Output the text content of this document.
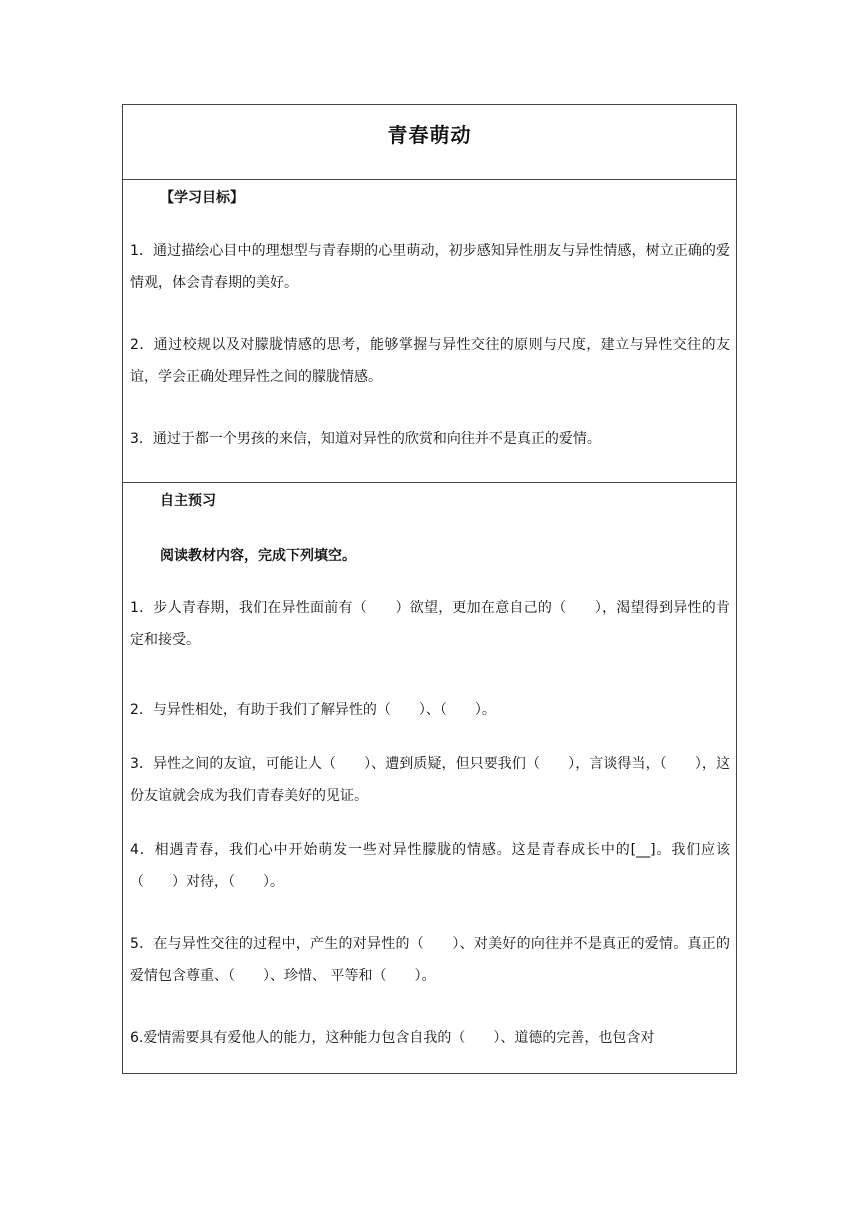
青春萌动
【学习目标】

1．通过描绘心目中的理想型与青春期的心里萌动，初步感知异性朋友与异性情感，树立正确的爱情观，体会青春期的美好。

2．通过校规以及对朦胧情感的思考，能够掌握与异性交往的原则与尺度，建立与异性交往的友谊，学会正确处理异性之间的朦胧情感。

3．通过于都一个男孩的来信，知道对异性的欣赏和向往并不是真正的爱情。

自主预习
阅读教材内容，完成下列填空。

1．步人青春期，我们在异性面前有（　　）欲望，更加在意自己的（　　），渴望得到异性的肯定和接受。

2．与异性相处，有助于我们了解异性的（　　）、（　　）。

3．异性之间的友谊，可能让人（　　）、遭到质疑，但只要我们（　　），言谈得当，（　　），这份友谊就会成为我们青春美好的见证。

4．相遇青春，我们心中开始萌发一些对异性朦胧的情感。这是青春成长中的[__]。我们应该（　　）对待，（　　）。

5．在与异性交往的过程中，产生的对异性的（　　）、对美好的向往并不是真正的爱情。真正的爱情包含尊重、（　　）、珍惜、 平等和（　　）。

6.爱情需要具有爱他人的能力，这种能力包含自我的（　　）、道德的完善，也包含对
